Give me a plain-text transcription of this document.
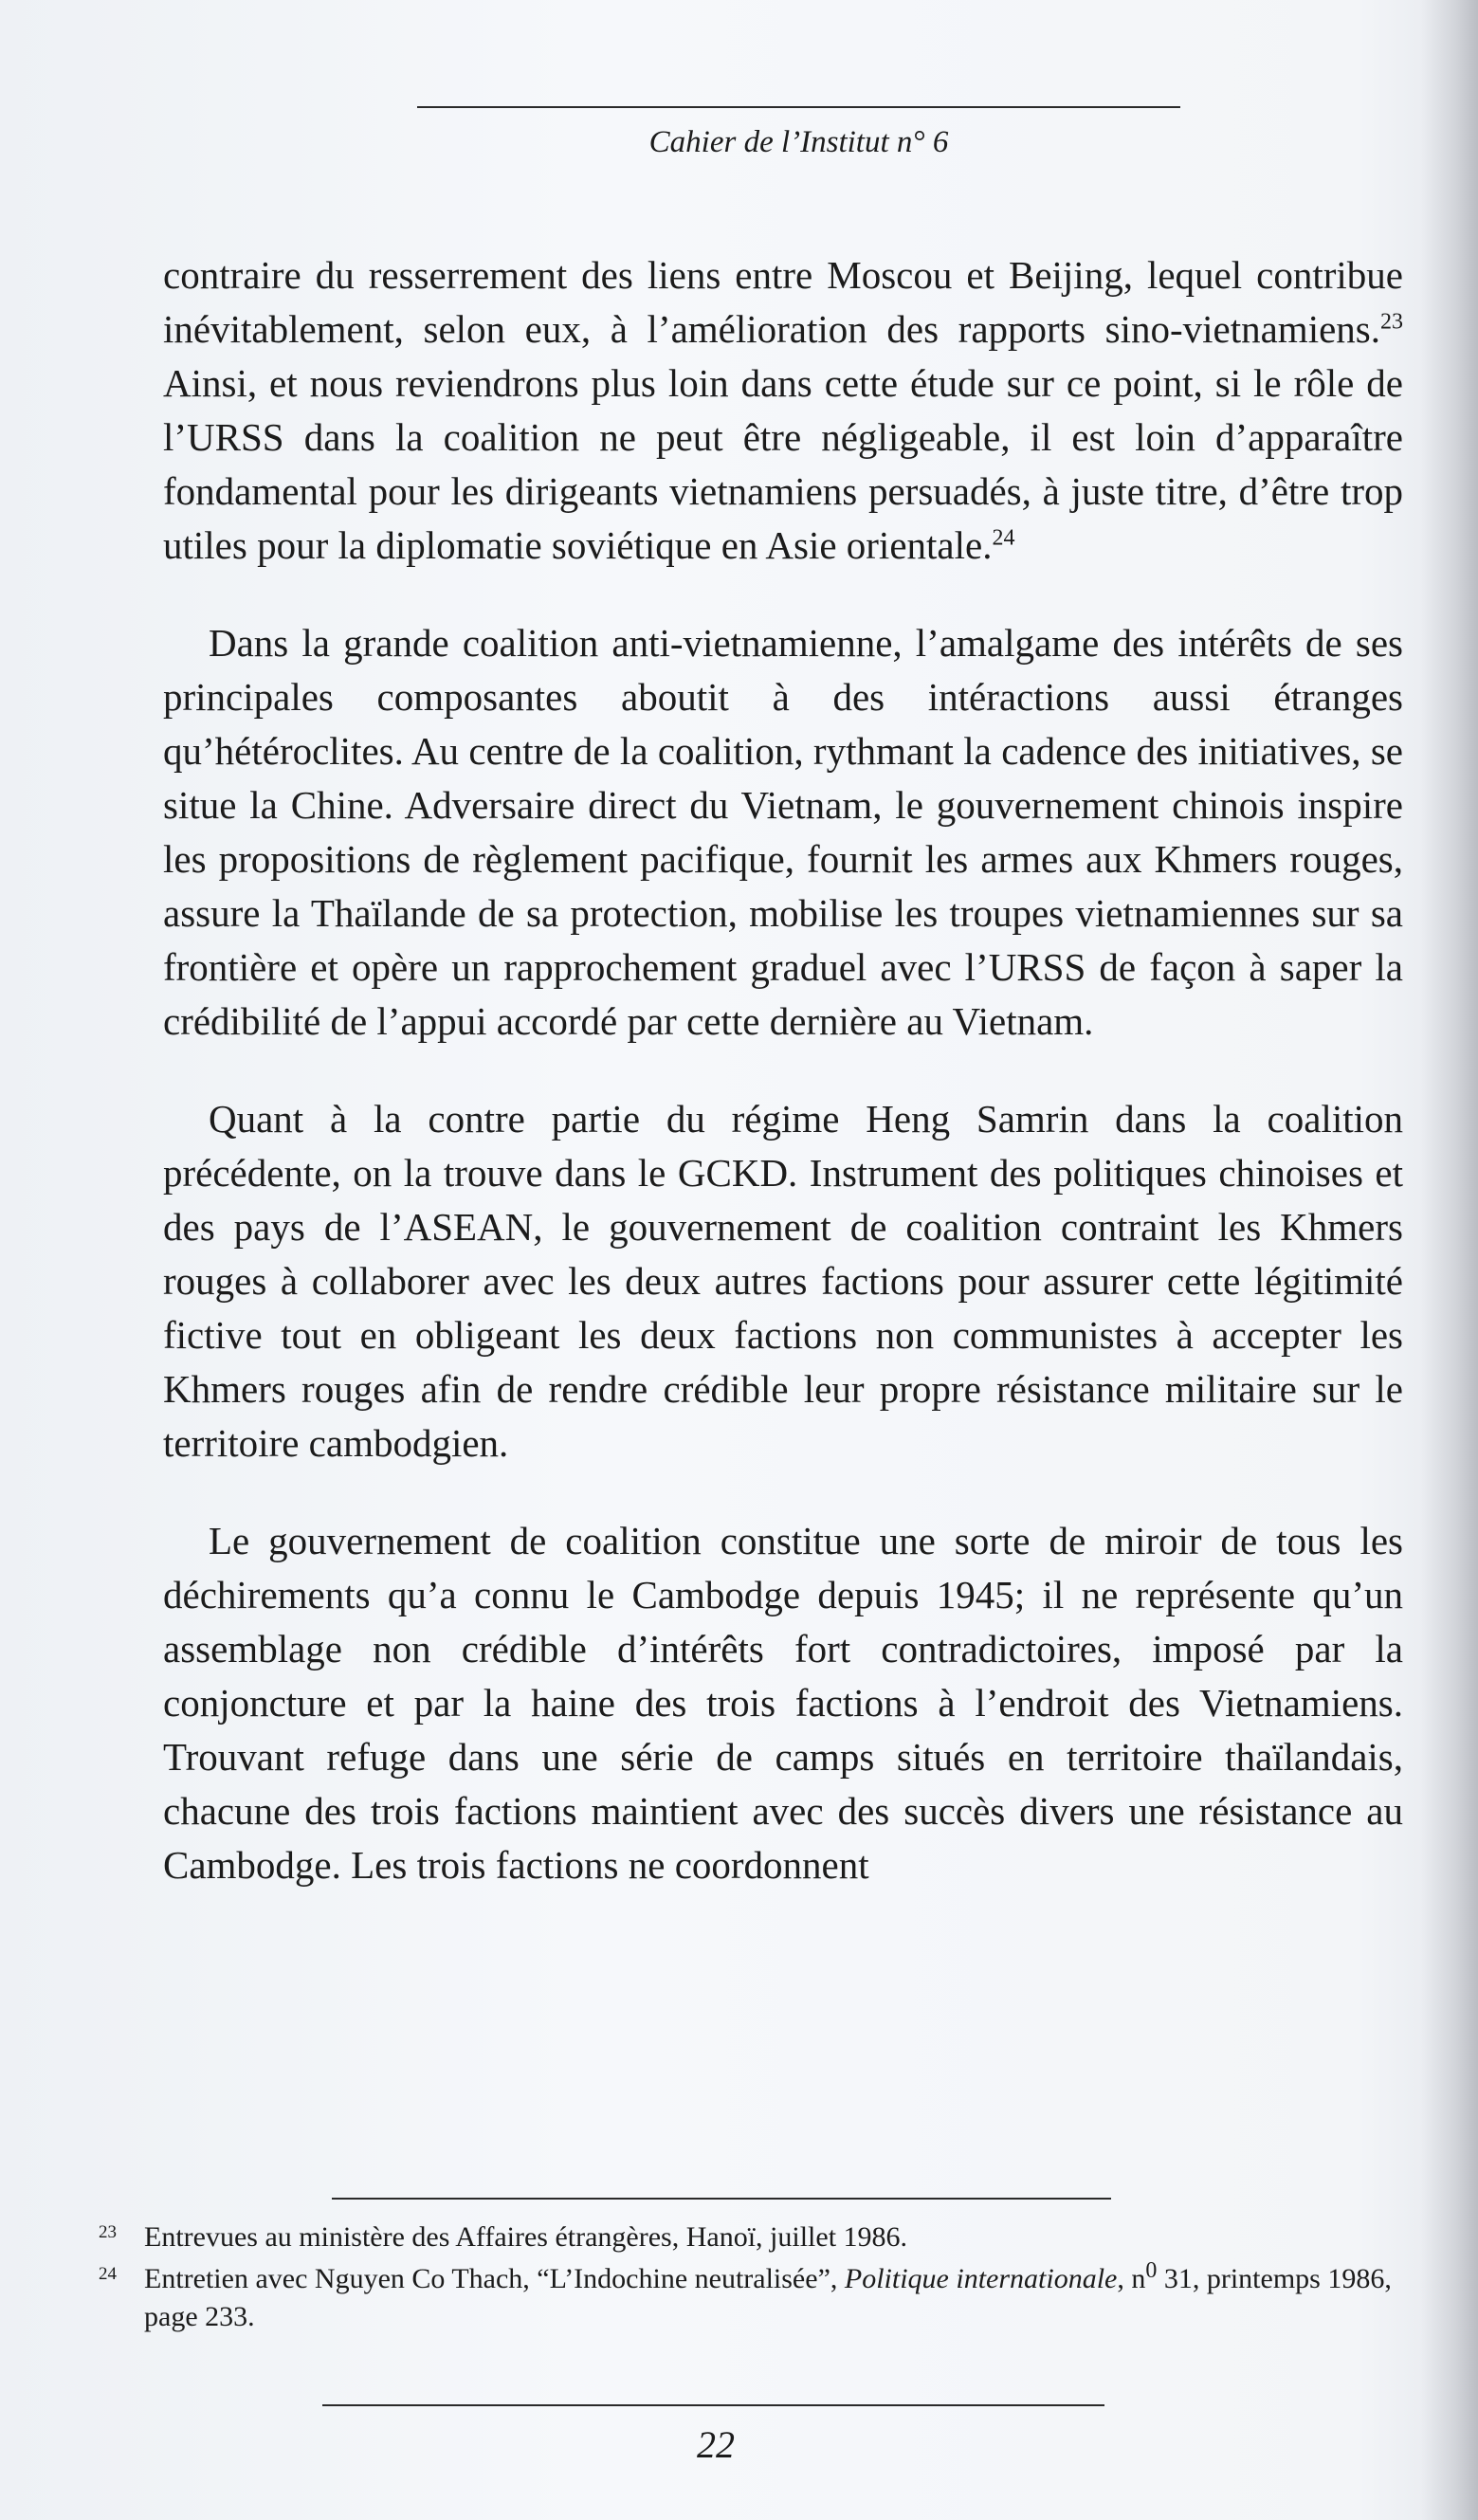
Cahier de l’Institut n° 6

contraire du resserrement des liens entre Moscou et Beijing, lequel contribue inévitablement, selon eux, à l’amélioration des rapports sino-vietnamiens.$^{23}$ Ainsi, et nous reviendrons plus loin dans cette étude sur ce point, si le rôle de l’URSS dans la coalition ne peut être négligeable, il est loin d’apparaître fondamental pour les dirigeants vietnamiens persuadés, à juste titre, d’être trop utiles pour la diplomatie soviétique en Asie orientale.$^{24}$

Dans la grande coalition anti-vietnamienne, l’amalgame des intérêts de ses principales composantes aboutit à des intéractions aussi étranges qu’hétéroclites. Au centre de la coalition, rythmant la cadence des initiatives, se situe la Chine. Adversaire direct du Vietnam, le gouvernement chinois inspire les propositions de règlement pacifique, fournit les armes aux Khmers rouges, assure la Thaïlande de sa protection, mobilise les troupes vietnamiennes sur sa frontière et opère un rapprochement graduel avec l’URSS de façon à saper la crédibilité de l’appui accordé par cette dernière au Vietnam.

Quant à la contre partie du régime Heng Samrin dans la coalition précédente, on la trouve dans le GCKD. Instrument des politiques chinoises et des pays de l’ASEAN, le gouvernement de coalition contraint les Khmers rouges à collaborer avec les deux autres factions pour assurer cette légitimité fictive tout en obligeant les deux factions non communistes à accepter les Khmers rouges afin de rendre crédible leur propre résistance militaire sur le territoire cambodgien.

Le gouvernement de coalition constitue une sorte de miroir de tous les déchirements qu’a connu le Cambodge depuis 1945; il ne représente qu’un assemblage non crédible d’intérêts fort contradictoires, imposé par la conjoncture et par la haine des trois factions à l’endroit des Vietnamiens. Trouvant refuge dans une série de camps situés en territoire thaïlandais, chacune des trois factions maintient avec des succès divers une résistance au Cambodge. Les trois factions ne coordonnent

23 Entrevues au ministère des Affaires étrangères, Hanoï, juillet 1986.
24 Entretien avec Nguyen Co Thach, “L’Indochine neutralisée”, Politique internationale, $n^0$ 31, printemps 1986, page 233.
22
